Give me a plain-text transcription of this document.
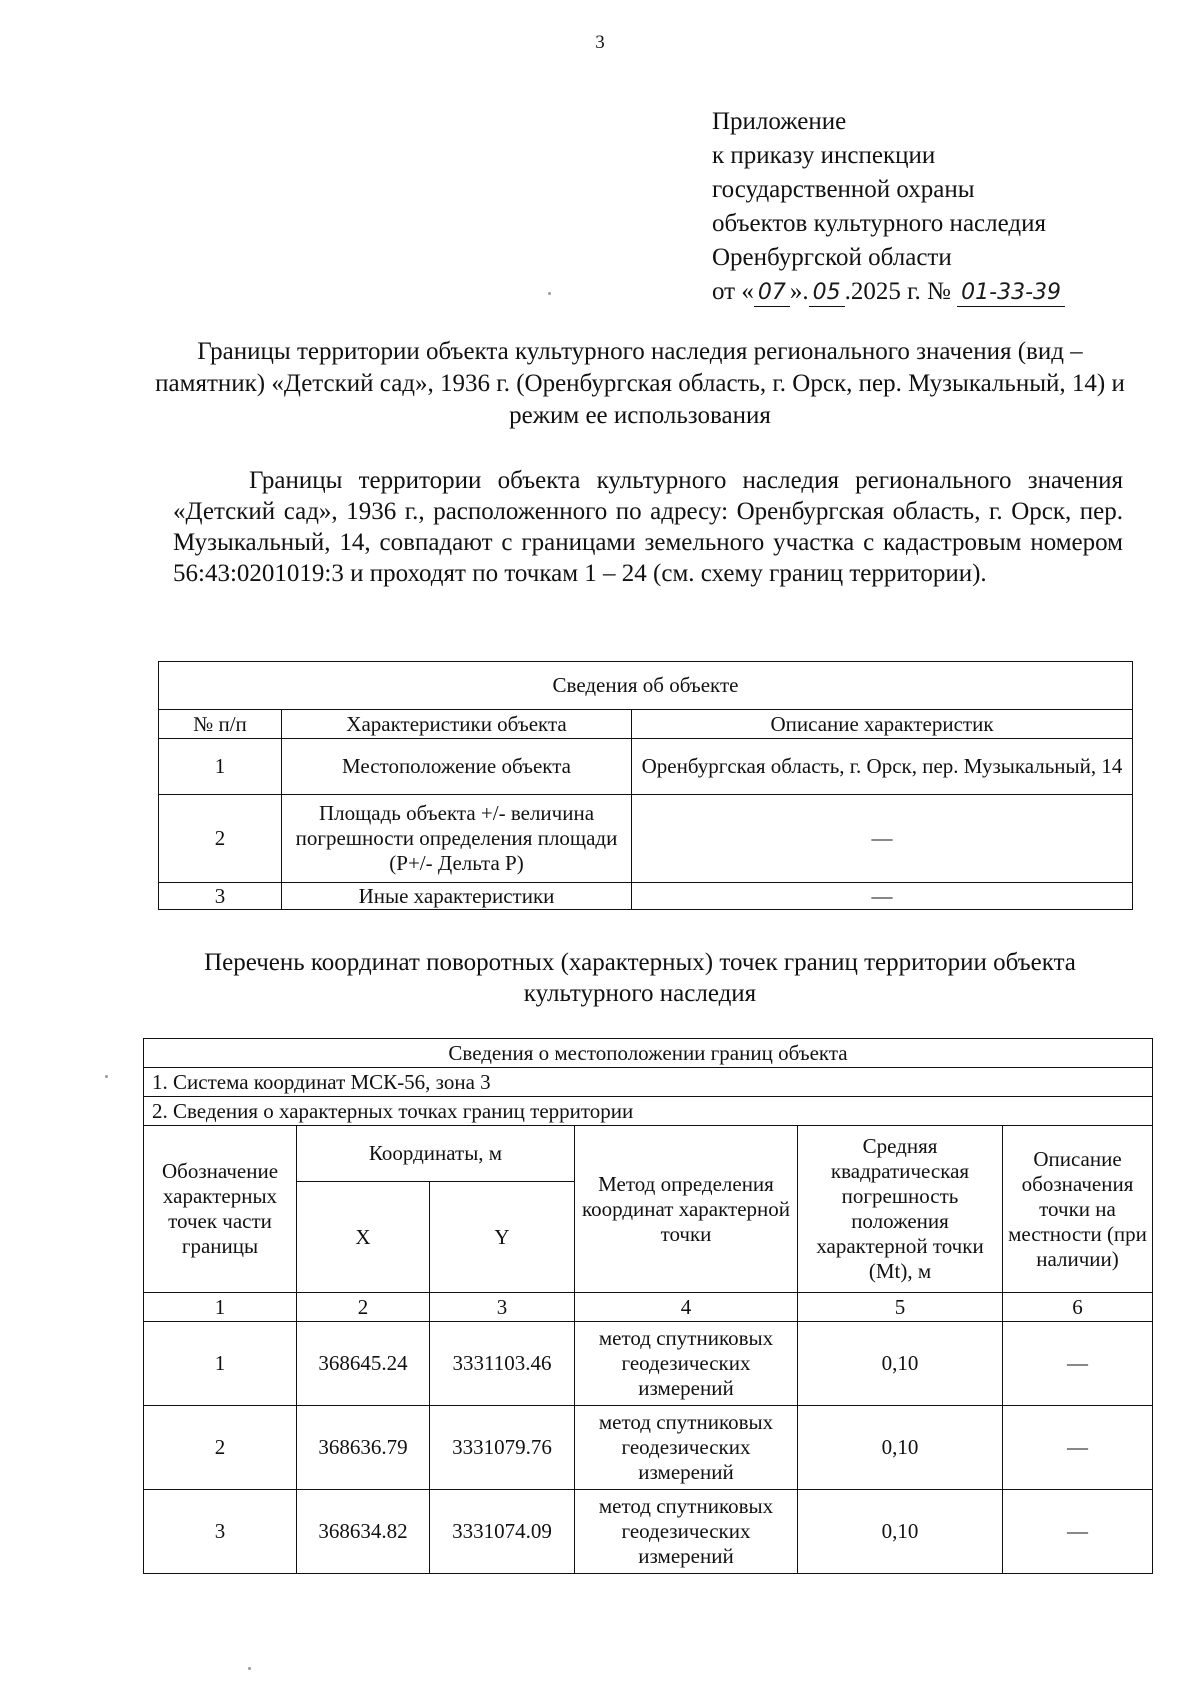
3
Приложение
к приказу инспекции
государственной охраны
объектов культурного наследия
Оренбургской области
от « 07 ». 05 .2025 г. № 01-33-39
Границы территории объекта культурного наследия регионального значения (вид – памятник) «Детский сад», 1936 г. (Оренбургская область, г. Орск, пер. Музыкальный, 14) и режим ее использования
Границы территории объекта культурного наследия регионального значения «Детский сад», 1936 г., расположенного по адресу: Оренбургская область, г. Орск, пер. Музыкальный, 14, совпадают с границами земельного участка с кадастровым номером 56:43:0201019:3 и проходят по точкам 1 – 24 (см. схему границ территории).
Сведения об объекте		
№ п/п	Характеристики объекта	Описание характеристик
1	Местоположение объекта	Оренбургская область, г. Орск, пер. Музыкальный, 14
2	Площадь объекта +/- величина погрешности определения площади (P+/- Дельта P)	—
3	Иные характеристики	—
Перечень координат поворотных (характерных) точек границ территории объекта культурного наследия
Сведения о местоположении границ объекта					
1. Система координат МСК-56, зона 3					
2. Сведения о характерных точках границ территории					
Обозначение характерных точек части границы	Координаты, м		Метод определения координат характерной точки	Средняя квадратическая погрешность положения характерной точки (Mt), м	Описание обозначения точки на местности (при наличии)
	X	Y			
1	2	3	4	5	6
1	368645.24	3331103.46	метод спутниковых геодезических измерений	0,10	—
2	368636.79	3331079.76	метод спутниковых геодезических измерений	0,10	—
3	368634.82	3331074.09	метод спутниковых геодезических измерений	0,10	—
